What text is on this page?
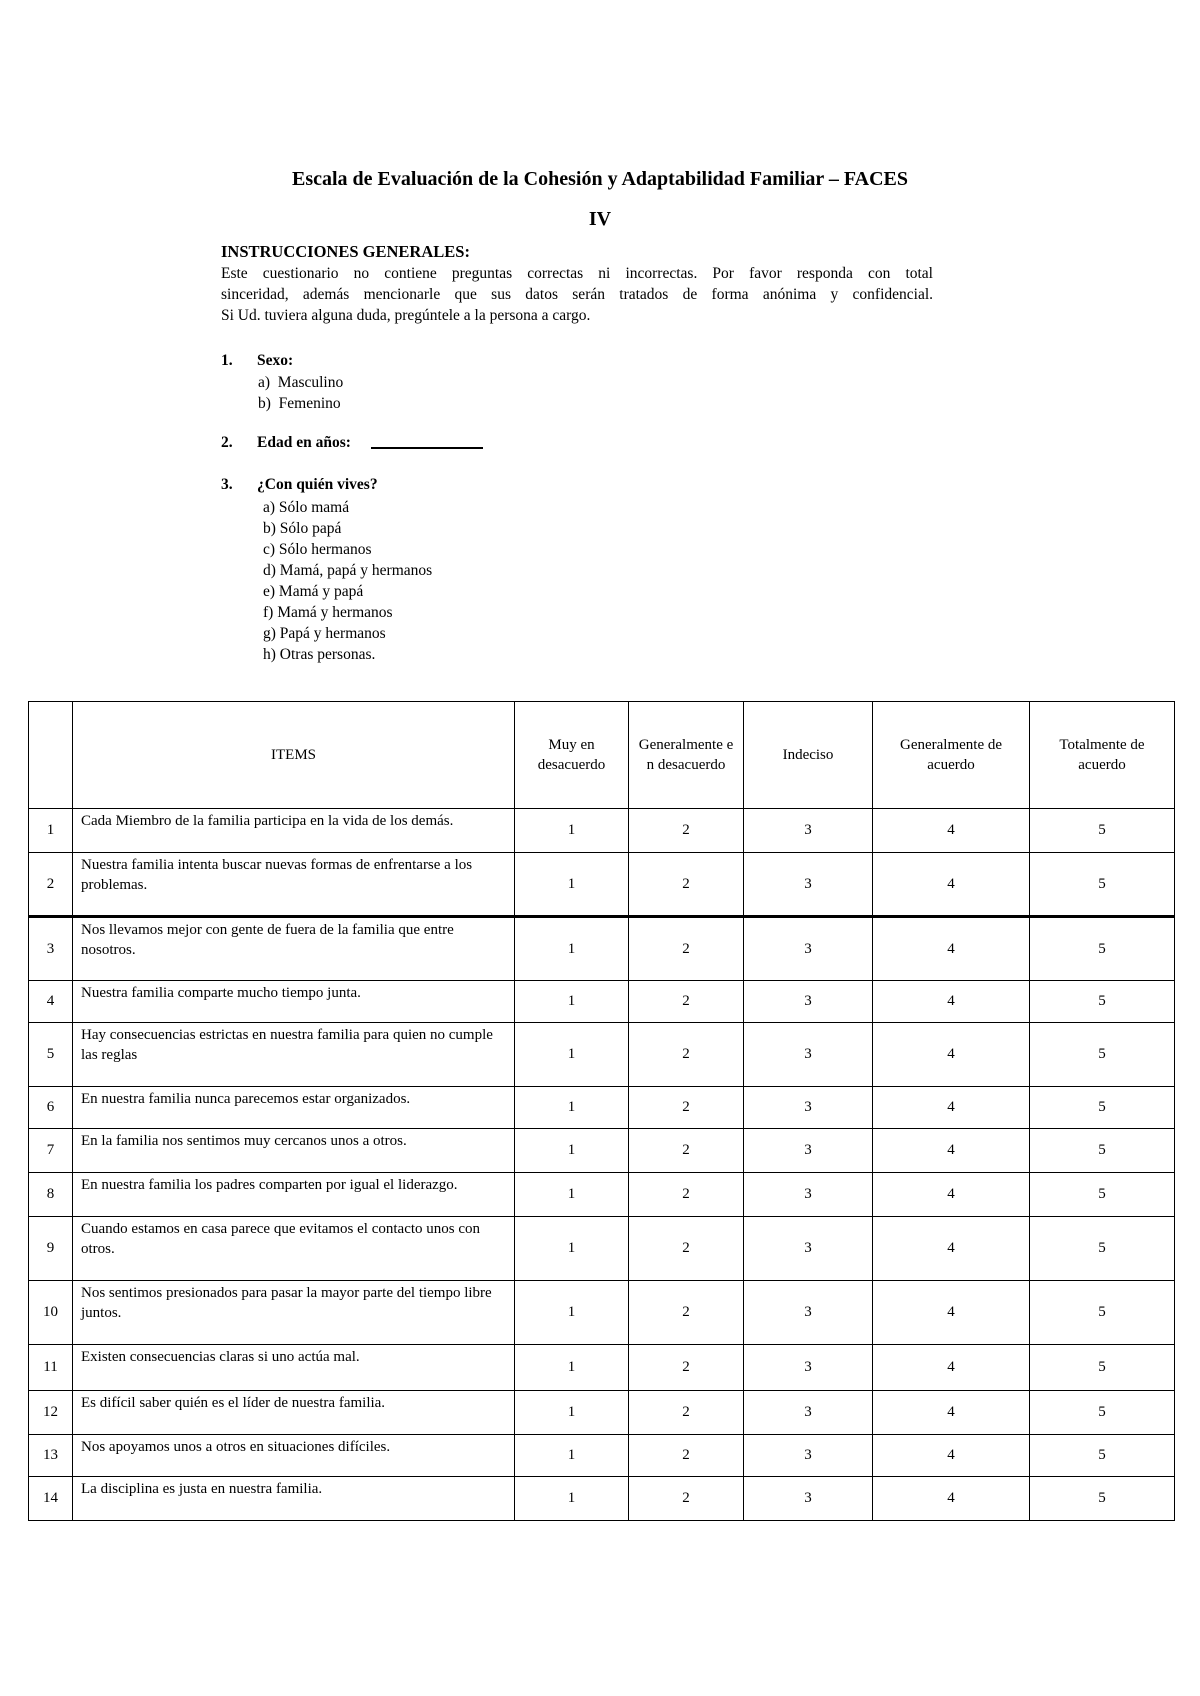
Escala de Evaluación de la Cohesión y Adaptabilidad Familiar – FACES
IV
INSTRUCCIONES GENERALES:
Este cuestionario no contiene preguntas correctas ni incorrectas. Por favor responda con total
sinceridad, además mencionarle que sus datos serán tratados de forma anónima y confidencial.
Si Ud. tuviera alguna duda, pregúntele a la persona a cargo.
1. Sexo:
a) Masculino
b) Femenino
2. Edad en años:
3. ¿Con quién vives?
a) Sólo mamá
b) Sólo papá
c) Sólo hermanos
d) Mamá, papá y hermanos
e) Mamá y papá
f) Mamá y hermanos
g) Papá y hermanos
h) Otras personas.
	ITEMS	Muy en desacuerdo	Generalmente en desacuerdo	Indeciso	Generalmente de acuerdo	Totalmente de acuerdo
1	Cada Miembro de la familia participa en la vida de los demás.	1	2	3	4	5
2	Nuestra familia intenta buscar nuevas formas de enfrentarse a los problemas.	1	2	3	4	5
3	Nos llevamos mejor con gente de fuera de la familia que entre nosotros.	1	2	3	4	5
4	Nuestra familia comparte mucho tiempo junta.	1	2	3	4	5
5	Hay consecuencias estrictas en nuestra familia para quien no cumple las reglas	1	2	3	4	5
6	En nuestra familia nunca parecemos estar organizados.	1	2	3	4	5
7	En la familia nos sentimos muy cercanos unos a otros.	1	2	3	4	5
8	En nuestra familia los padres comparten por igual el liderazgo.	1	2	3	4	5
9	Cuando estamos en casa parece que evitamos el contacto unos con otros.	1	2	3	4	5
10	Nos sentimos presionados para pasar la mayor parte del tiempo libre juntos.	1	2	3	4	5
11	Existen consecuencias claras si uno actúa mal.	1	2	3	4	5
12	Es difícil saber quién es el líder de nuestra familia.	1	2	3	4	5
13	Nos apoyamos unos a otros en situaciones difíciles.	1	2	3	4	5
14	La disciplina es justa en nuestra familia.	1	2	3	4	5
